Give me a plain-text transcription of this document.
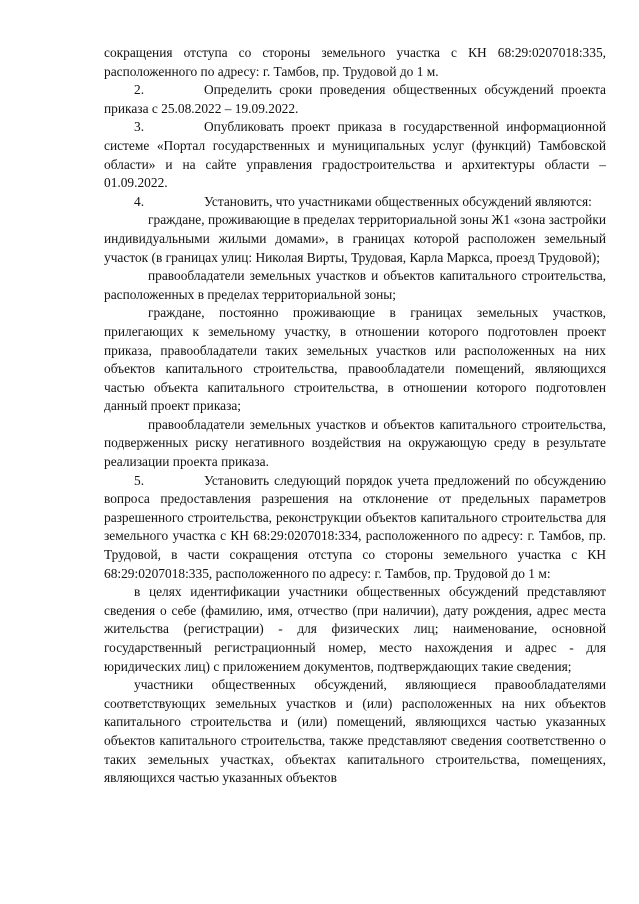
сокращения отступа со стороны земельного участка с КН 68:29:0207018:335, расположенного по адресу: г. Тамбов, пр. Трудовой до 1 м.

2.	Определить сроки проведения общественных обсуждений проекта приказа с 25.08.2022 – 19.09.2022.

3.	Опубликовать проект приказа в государственной информационной системе «Портал государственных и муниципальных услуг (функций) Тамбовской области» и на сайте управления градостроительства и архитектуры области – 01.09.2022.

4.	Установить, что участниками общественных обсуждений являются:

граждане, проживающие в пределах территориальной зоны Ж1 «зона застройки индивидуальными жилыми домами», в границах которой расположен земельный участок (в границах улиц: Николая Вирты, Трудовая, Карла Маркса, проезд Трудовой);

правообладатели земельных участков и объектов капитального строительства, расположенных в пределах территориальной зоны;

граждане, постоянно проживающие в границах земельных участков, прилегающих к земельному участку, в отношении которого подготовлен проект приказа, правообладатели таких земельных участков или расположенных на них объектов капитального строительства, правообладатели помещений, являющихся частью объекта капитального строительства, в отношении которого подготовлен данный проект приказа;

правообладатели земельных участков и объектов капитального строительства, подверженных риску негативного воздействия на окружающую среду в результате реализации проекта приказа.

5.	Установить следующий порядок учета предложений по обсуждению вопроса предоставления разрешения на отклонение от предельных параметров разрешенного строительства, реконструкции объектов капитального строительства для земельного участка с КН 68:29:0207018:334, расположенного по адресу: г. Тамбов, пр. Трудовой, в части сокращения отступа со стороны земельного участка с КН 68:29:0207018:335, расположенного по адресу: г. Тамбов, пр. Трудовой до 1 м:

в целях идентификации участники общественных обсуждений представляют сведения о себе (фамилию, имя, отчество (при наличии), дату рождения, адрес места жительства (регистрации) - для физических лиц; наименование, основной государственный регистрационный номер, место нахождения и адрес - для юридических лиц) с приложением документов, подтверждающих такие сведения;

участники общественных обсуждений, являющиеся правообладателями соответствующих земельных участков и (или) расположенных на них объектов капитального строительства и (или) помещений, являющихся частью указанных объектов капитального строительства, также представляют сведения соответственно о таких земельных участках, объектах капитального строительства, помещениях, являющихся частью указанных объектов
